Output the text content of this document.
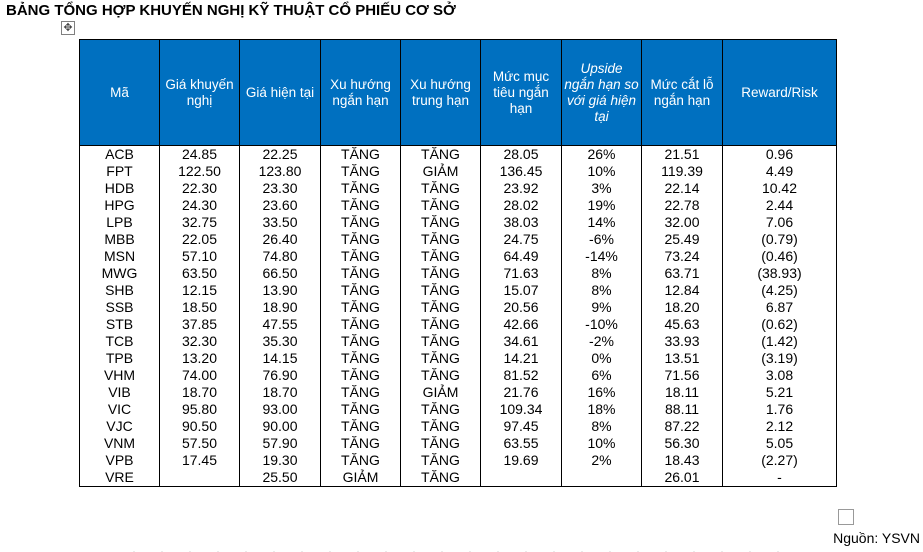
BẢNG TỔNG HỢP KHUYẾN NGHỊ KỸ THUẬT CỔ PHIẾU CƠ SỞ
✥
Mã	Giá khuyến nghị	Giá hiện tại	Xu hướng ngắn hạn	Xu hướng trung hạn	Mức mục tiêu ngắn hạn	Upside ngắn hạn so với giá hiện tại	Mức cắt lỗ ngắn hạn	Reward/Risk
ACB	24.85	22.25	TĂNG	TĂNG	28.05	26%	21.51	0.96
FPT	122.50	123.80	TĂNG	GIẢM	136.45	10%	119.39	4.49
HDB	22.30	23.30	TĂNG	TĂNG	23.92	3%	22.14	10.42
HPG	24.30	23.60	TĂNG	TĂNG	28.02	19%	22.78	2.44
LPB	32.75	33.50	TĂNG	TĂNG	38.03	14%	32.00	7.06
MBB	22.05	26.40	TĂNG	TĂNG	24.75	-6%	25.49	(0.79)
MSN	57.10	74.80	TĂNG	TĂNG	64.49	-14%	73.24	(0.46)
MWG	63.50	66.50	TĂNG	TĂNG	71.63	8%	63.71	(38.93)
SHB	12.15	13.90	TĂNG	TĂNG	15.07	8%	12.84	(4.25)
SSB	18.50	18.90	TĂNG	TĂNG	20.56	9%	18.20	6.87
STB	37.85	47.55	TĂNG	TĂNG	42.66	-10%	45.63	(0.62)
TCB	32.30	35.30	TĂNG	TĂNG	34.61	-2%	33.93	(1.42)
TPB	13.20	14.15	TĂNG	TĂNG	14.21	0%	13.51	(3.19)
VHM	74.00	76.90	TĂNG	TĂNG	81.52	6%	71.56	3.08
VIB	18.70	18.70	TĂNG	GIẢM	21.76	16%	18.11	5.21
VIC	95.80	93.00	TĂNG	TĂNG	109.34	18%	88.11	1.76
VJC	90.50	90.00	TĂNG	TĂNG	97.45	8%	87.22	2.12
VNM	57.50	57.90	TĂNG	TĂNG	63.55	10%	56.30	5.05
VPB	17.45	19.30	TĂNG	TĂNG	19.69	2%	18.43	(2.27)
VRE		25.50	GIẢM	TĂNG			26.01	-
Nguồn: YSVN
